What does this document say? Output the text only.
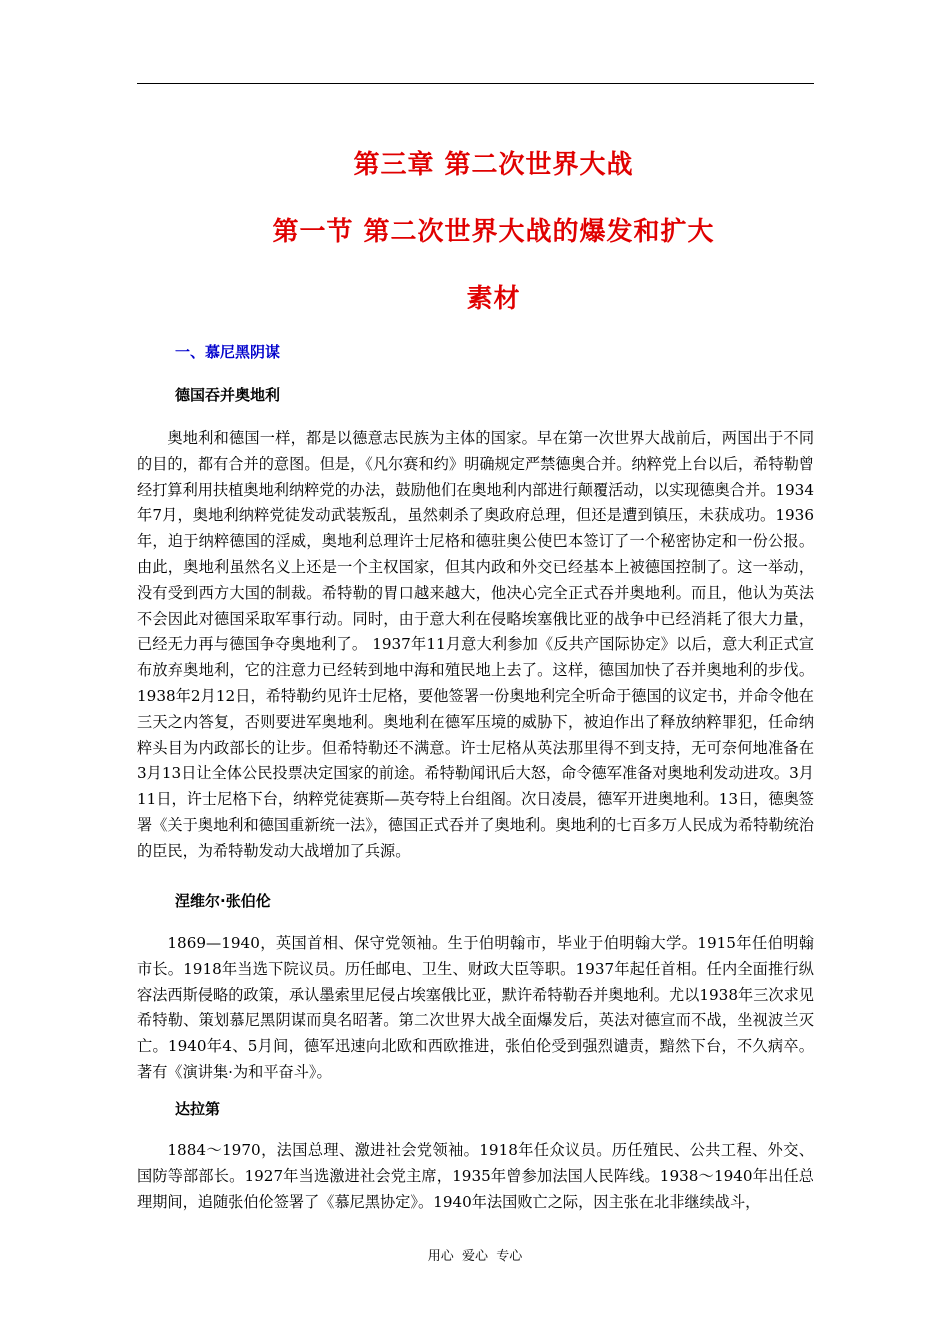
第三章 第二次世界大战
第一节 第二次世界大战的爆发和扩大
素材

一、慕尼黑阴谋

德国吞并奥地利

奥地利和德国一样，都是以德意志民族为主体的国家。早在第一次世界大战前后，两国出于不同的目的，都有合并的意图。但是，《凡尔赛和约》明确规定严禁德奥合并。纳粹党上台以后，希特勒曾经打算利用扶植奥地利纳粹党的办法，鼓励他们在奥地利内部进行颠覆活动，以实现德奥合并。1934年7月，奥地利纳粹党徒发动武装叛乱，虽然刺杀了奥政府总理，但还是遭到镇压，未获成功。1936年，迫于纳粹德国的淫威，奥地利总理许士尼格和德驻奥公使巴本签订了一个秘密协定和一份公报。由此，奥地利虽然名义上还是一个主权国家，但其内政和外交已经基本上被德国控制了。这一举动，没有受到西方大国的制裁。希特勒的胃口越来越大，他决心完全正式吞并奥地利。而且，他认为英法不会因此对德国采取军事行动。同时，由于意大利在侵略埃塞俄比亚的战争中已经消耗了很大力量，已经无力再与德国争夺奥地利了。 1937年11月意大利参加《反共产国际协定》以后，意大利正式宣布放弃奥地利，它的注意力已经转到地中海和殖民地上去了。这样，德国加快了吞并奥地利的步伐。1938年2月12日，希特勒约见许士尼格，要他签署一份奥地利完全听命于德国的议定书，并命令他在三天之内答复，否则要进军奥地利。奥地利在德军压境的威胁下，被迫作出了释放纳粹罪犯，任命纳粹头目为内政部长的让步。但希特勒还不满意。许士尼格从英法那里得不到支持，无可奈何地准备在3月13日让全体公民投票决定国家的前途。希特勒闻讯后大怒，命令德军准备对奥地利发动进攻。3月11日，许士尼格下台，纳粹党徒赛斯—英夸特上台组阁。次日凌晨，德军开进奥地利。13日，德奥签署《关于奥地利和德国重新统一法》，德国正式吞并了奥地利。奥地利的七百多万人民成为希特勒统治的臣民，为希特勒发动大战增加了兵源。

涅维尔·张伯伦

1869—1940，英国首相、保守党领袖。生于伯明翰市，毕业于伯明翰大学。1915年任伯明翰市长。1918年当选下院议员。历任邮电、卫生、财政大臣等职。1937年起任首相。任内全面推行纵容法西斯侵略的政策，承认墨索里尼侵占埃塞俄比亚，默许希特勒吞并奥地利。尤以1938年三次求见希特勒、策划慕尼黑阴谋而臭名昭著。第二次世界大战全面爆发后，英法对德宣而不战，坐视波兰灭亡。1940年4、5月间，德军迅速向北欧和西欧推进，张伯伦受到强烈谴责，黯然下台，不久病卒。著有《演讲集·为和平奋斗》。

达拉第

1884～1970，法国总理、激进社会党领袖。1918年任众议员。历任殖民、公共工程、外交、国防等部部长。1927年当选激进社会党主席，1935年曾参加法国人民阵线。1938～1940年出任总理期间，追随张伯伦签署了《慕尼黑协定》。1940年法国败亡之际，因主张在北非继续战斗，

用心  爱心  专心
